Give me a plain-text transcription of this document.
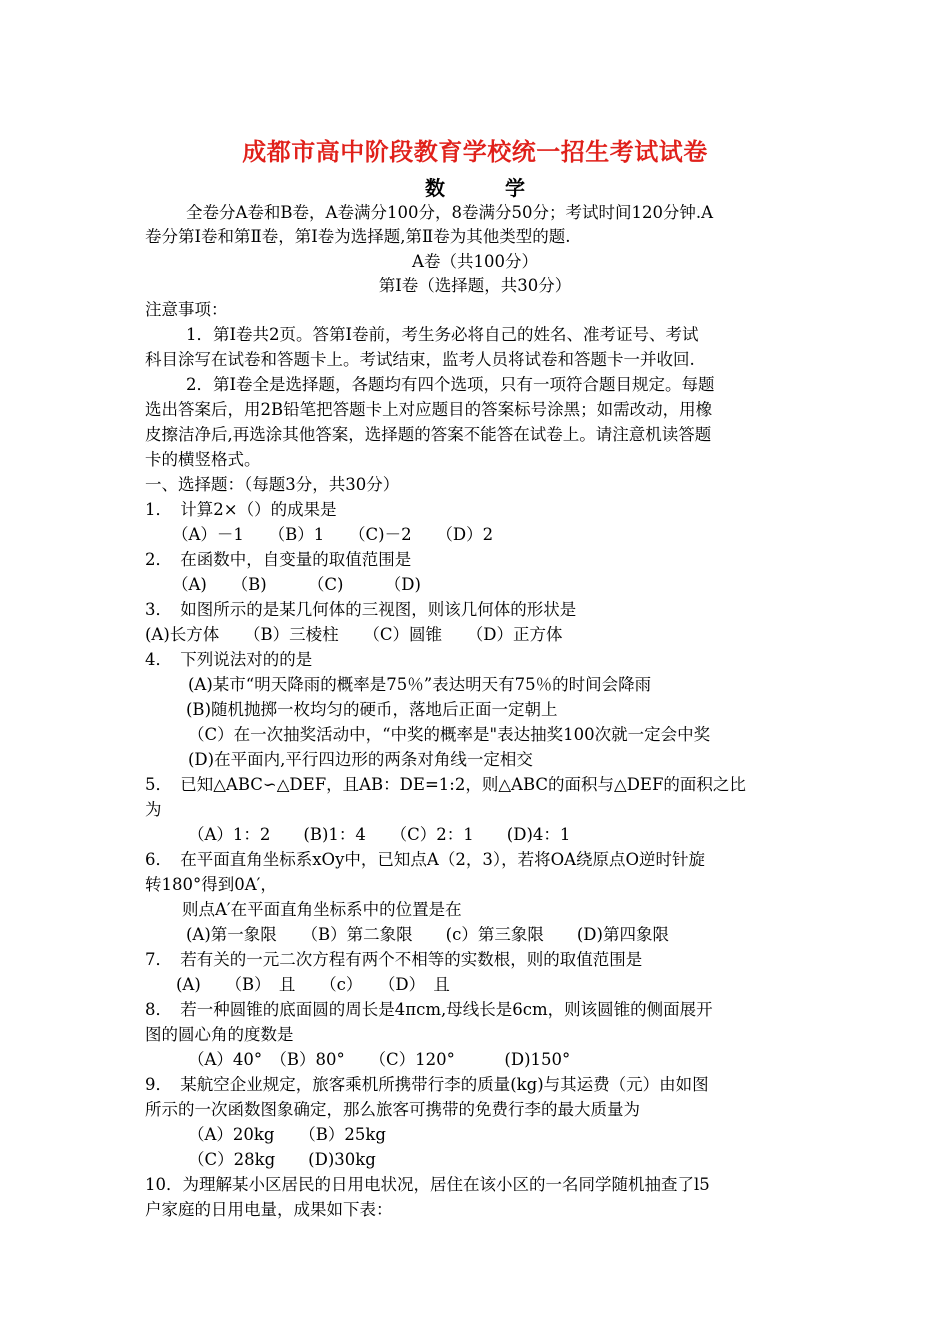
成都市高中阶段教育学校统一招生考试试卷
数学
全卷分A卷和B卷，A卷满分100分，8卷满分50分；考试时间120分钟.A
卷分第Ⅰ卷和第Ⅱ卷，第Ⅰ卷为选择题,第Ⅱ卷为其他类型的题.
A卷（共100分）
第Ⅰ卷（选择题，共30分）
注意事项：
1．第Ⅰ卷共2页。答第Ⅰ卷前，考生务必将自己的姓名、准考证号、考试
科目涂写在试卷和答题卡上。考试结束，监考人员将试卷和答题卡一并收回.
2．第Ⅰ卷全是选择题，各题均有四个选项，只有一项符合题目规定。每题
选出答案后，用2B铅笔把答题卡上对应题目的答案标号涂黑；如需改动，用橡
皮擦洁净后,再选涂其他答案，选择题的答案不能答在试卷上。请注意机读答题
卡的横竖格式。
一、选择题：（每题3分，共30分）
1．　计算2×（）的成果是
（A）－1　　（B）1　　（C)－2　　（D）2
2．　在函数中，自变量的取值范围是
（A)　　（B)　　　（C)　　　（D)
3．　如图所示的是某几何体的三视图，则该几何体的形状是
(A)长方体　　（B）三棱柱　　（C）圆锥　　（D）正方体
4．　下列说法对的的是
(A)某市“明天降雨的概率是75％”表达明天有75％的时间会降雨
(B)随机抛掷一枚均匀的硬币，落地后正面一定朝上
（C）在一次抽奖活动中，“中奖的概率是"表达抽奖100次就一定会中奖
(D)在平面内,平行四边形的两条对角线一定相交
5．　已知△ABC∽△DEF，且AB：DE=1:2，则△ABC的面积与△DEF的面积之比
为
（A）1：2　　(B)1：4　　（C）2：1　　(D)4：1
6．　在平面直角坐标系xOy中，已知点A（2，3），若将OA绕原点O逆时针旋
转180°得到0A′，
则点A′在平面直角坐标系中的位置是在
(A)第一象限　　（B）第二象限　　(c）第三象限　　(D)第四象限
7．　若有关的一元二次方程有两个不相等的实数根，则的取值范围是
(A)　　（B）　且　　（c）　　（D）　且
8．　若一种圆锥的底面圆的周长是4πcm,母线长是6cm，则该圆锥的侧面展开
图的圆心角的度数是
（A）40°　（B）80°　　（C）120°　　　(D)150°
9．　某航空企业规定，旅客乘机所携带行李的质量(kg)与其运费（元）由如图
所示的一次函数图象确定，那么旅客可携带的免费行李的最大质量为
（A）20kg　　（B）25kg
（C）28kg　　(D)30kg
10．为理解某小区居民的日用电状况，居住在该小区的一名同学随机抽查了l5
户家庭的日用电量，成果如下表：
